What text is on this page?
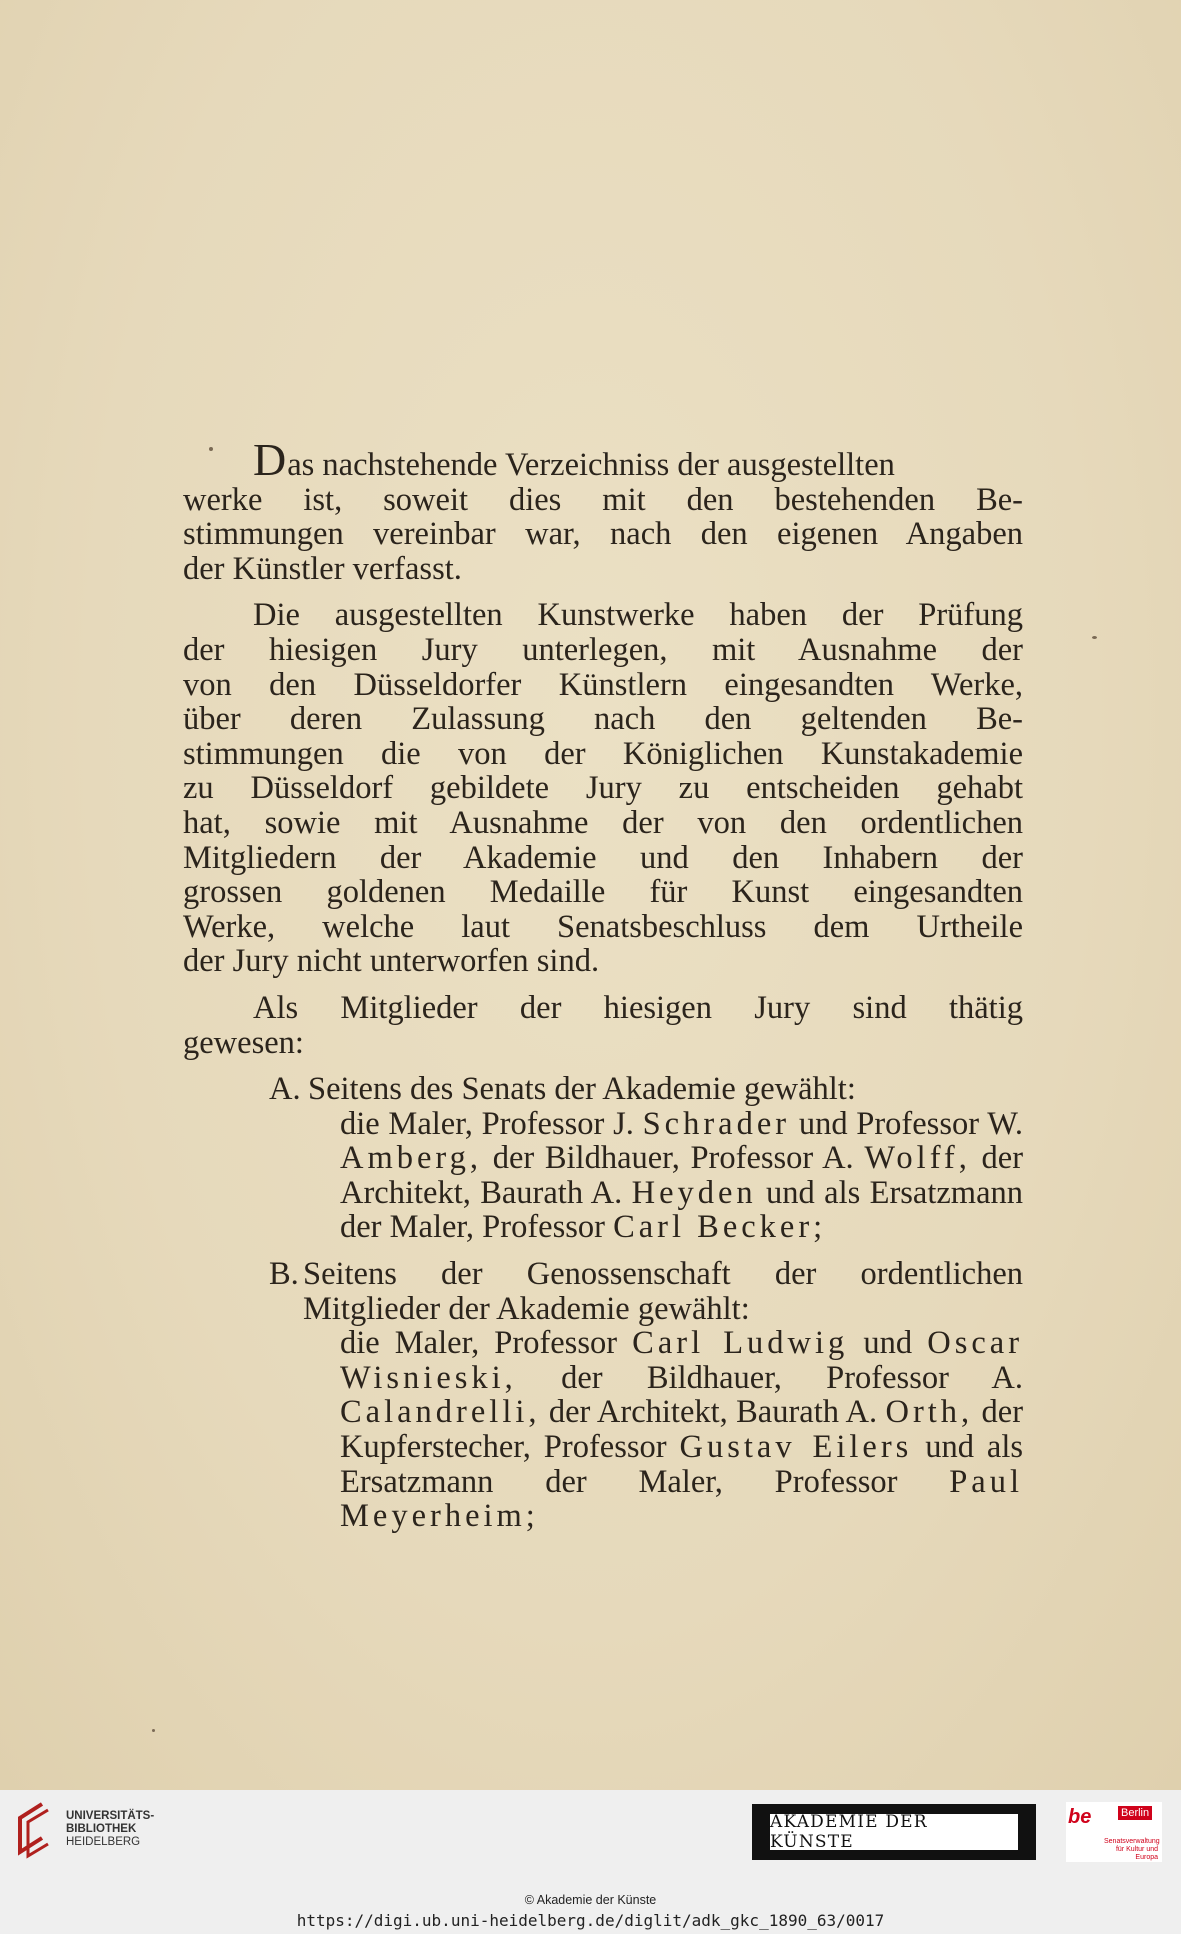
Das nachstehende Verzeichniss der ausgestellten
werke ist, soweit dies mit den bestehenden Be-
stimmungen vereinbar war, nach den eigenen Angaben
der Künstler verfasst.
Die ausgestellten Kunstwerke haben der Prüfung
der hiesigen Jury unterlegen, mit Ausnahme der
von den Düsseldorfer Künstlern eingesandten Werke,
über deren Zulassung nach den geltenden Be-
stimmungen die von der Königlichen Kunstakademie
zu Düsseldorf gebildete Jury zu entscheiden gehabt
hat, sowie mit Ausnahme der von den ordentlichen
Mitgliedern der Akademie und den Inhabern der
grossen goldenen Medaille für Kunst eingesandten
Werke, welche laut Senatsbeschluss dem Urtheile
der Jury nicht unterworfen sind.
Als Mitglieder der hiesigen Jury sind thätig
gewesen:
A. Seitens des Senats der Akademie gewählt:
die Maler, Professor J. Schrader und Professor W. Amberg, der Bildhauer, Professor A. Wolff, der Architekt, Baurath A. Heyden und als Ersatzmann der Maler, Professor Carl Becker;
B. Seitens der Genossenschaft der ordentlichen Mitglieder der Akademie gewählt:
die Maler, Professor Carl Ludwig und Oscar Wisnieski, der Bildhauer, Professor A. Calandrelli, der Architekt, Baurath A. Orth, der Kupferstecher, Professor Gustav Eilers und als Ersatzmann der Maler, Professor Paul Meyerheim;
UNIVERSITÄTS-
BIBLIOTHEK
HEIDELBERG
AKADEMIE DER KÜNSTE
be	Berlin
Senatsverwaltung für Kultur und Europa
© Akademie der Künste
https://digi.ub.uni-heidelberg.de/diglit/adk_gkc_1890_63/0017
